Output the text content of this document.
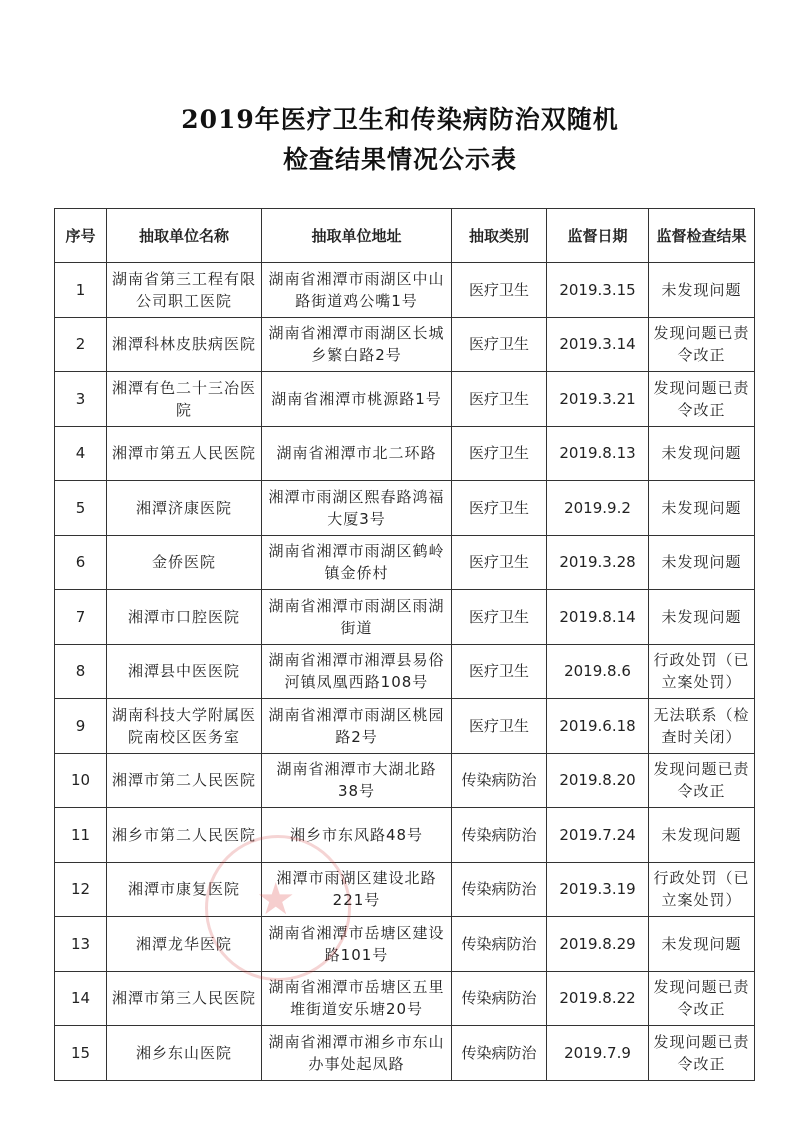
2019年医疗卫生和传染病防治双随机
检查结果情况公示表
序号	抽取单位名称	抽取单位地址	抽取类别	监督日期	监督检查结果
1	湖南省第三工程有限公司职工医院	湖南省湘潭市雨湖区中山路街道鸡公嘴1号	医疗卫生	2019.3.15	未发现问题
2	湘潭科林皮肤病医院	湖南省湘潭市雨湖区长城乡繁白路2号	医疗卫生	2019.3.14	发现问题已责令改正
3	湘潭有色二十三冶医院	湖南省湘潭市桃源路1号	医疗卫生	2019.3.21	发现问题已责令改正
4	湘潭市第五人民医院	湖南省湘潭市北二环路	医疗卫生	2019.8.13	未发现问题
5	湘潭济康医院	湘潭市雨湖区熙春路鸿福大厦3号	医疗卫生	2019.9.2	未发现问题
6	金侨医院	湖南省湘潭市雨湖区鹤岭镇金侨村	医疗卫生	2019.3.28	未发现问题
7	湘潭市口腔医院	湖南省湘潭市雨湖区雨湖街道	医疗卫生	2019.8.14	未发现问题
8	湘潭县中医医院	湖南省湘潭市湘潭县易俗河镇凤凰西路108号	医疗卫生	2019.8.6	行政处罚（已立案处罚）
9	湖南科技大学附属医院南校区医务室	湖南省湘潭市雨湖区桃园路2号	医疗卫生	2019.6.18	无法联系（检查时关闭）
10	湘潭市第二人民医院	湖南省湘潭市大湖北路38号	传染病防治	2019.8.20	发现问题已责令改正
11	湘乡市第二人民医院	湘乡市东风路48号	传染病防治	2019.7.24	未发现问题
12	湘潭市康复医院	湘潭市雨湖区建设北路221号	传染病防治	2019.3.19	行政处罚（已立案处罚）
13	湘潭龙华医院	湖南省湘潭市岳塘区建设路101号	传染病防治	2019.8.29	未发现问题
14	湘潭市第三人民医院	湖南省湘潭市岳塘区五里堆街道安乐塘20号	传染病防治	2019.8.22	发现问题已责令改正
15	湘乡东山医院	湖南省湘潭市湘乡市东山办事处起凤路	传染病防治	2019.7.9	发现问题已责令改正
★
